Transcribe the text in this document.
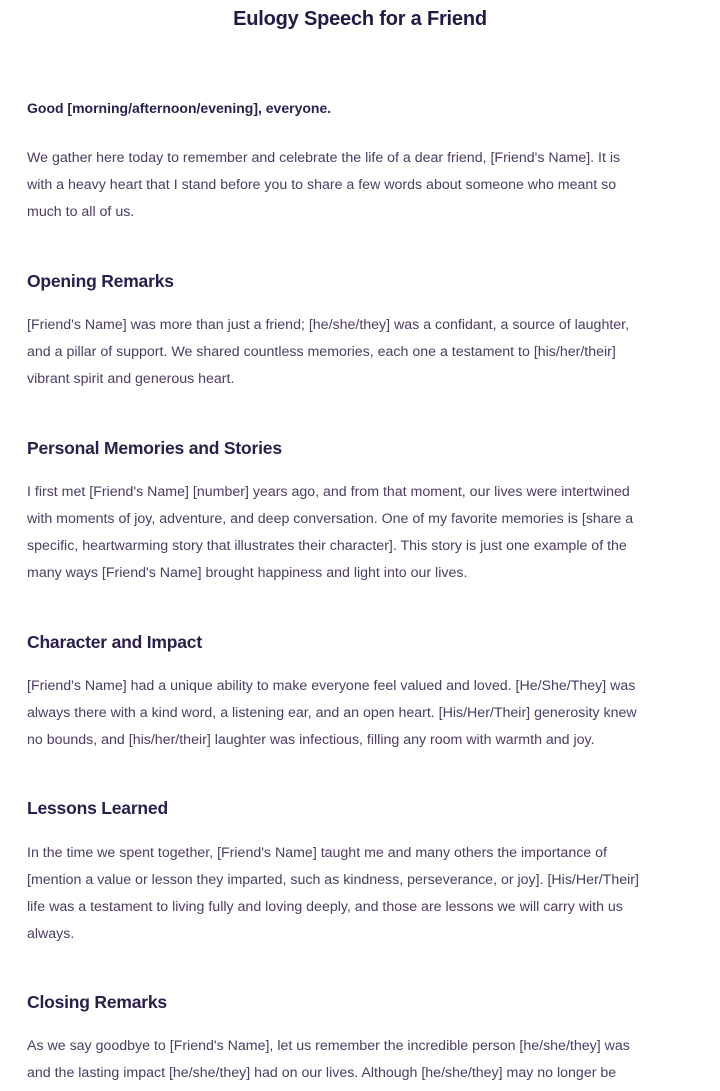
Eulogy Speech for a Friend

Good [morning/afternoon/evening], everyone.

We gather here today to remember and celebrate the life of a dear friend, [Friend's Name]. It is
with a heavy heart that I stand before you to share a few words about someone who meant so
much to all of us.

Opening Remarks

[Friend's Name] was more than just a friend; [he/she/they] was a confidant, a source of laughter,
and a pillar of support. We shared countless memories, each one a testament to [his/her/their]
vibrant spirit and generous heart.

Personal Memories and Stories

I first met [Friend's Name] [number] years ago, and from that moment, our lives were intertwined
with moments of joy, adventure, and deep conversation. One of my favorite memories is [share a
specific, heartwarming story that illustrates their character]. This story is just one example of the
many ways [Friend's Name] brought happiness and light into our lives.

Character and Impact

[Friend's Name] had a unique ability to make everyone feel valued and loved. [He/She/They] was
always there with a kind word, a listening ear, and an open heart. [His/Her/Their] generosity knew
no bounds, and [his/her/their] laughter was infectious, filling any room with warmth and joy.

Lessons Learned

In the time we spent together, [Friend's Name] taught me and many others the importance of
[mention a value or lesson they imparted, such as kindness, perseverance, or joy]. [His/Her/Their]
life was a testament to living fully and loving deeply, and those are lessons we will carry with us
always.

Closing Remarks

As we say goodbye to [Friend's Name], let us remember the incredible person [he/she/they] was
and the lasting impact [he/she/they] had on our lives. Although [he/she/they] may no longer be
